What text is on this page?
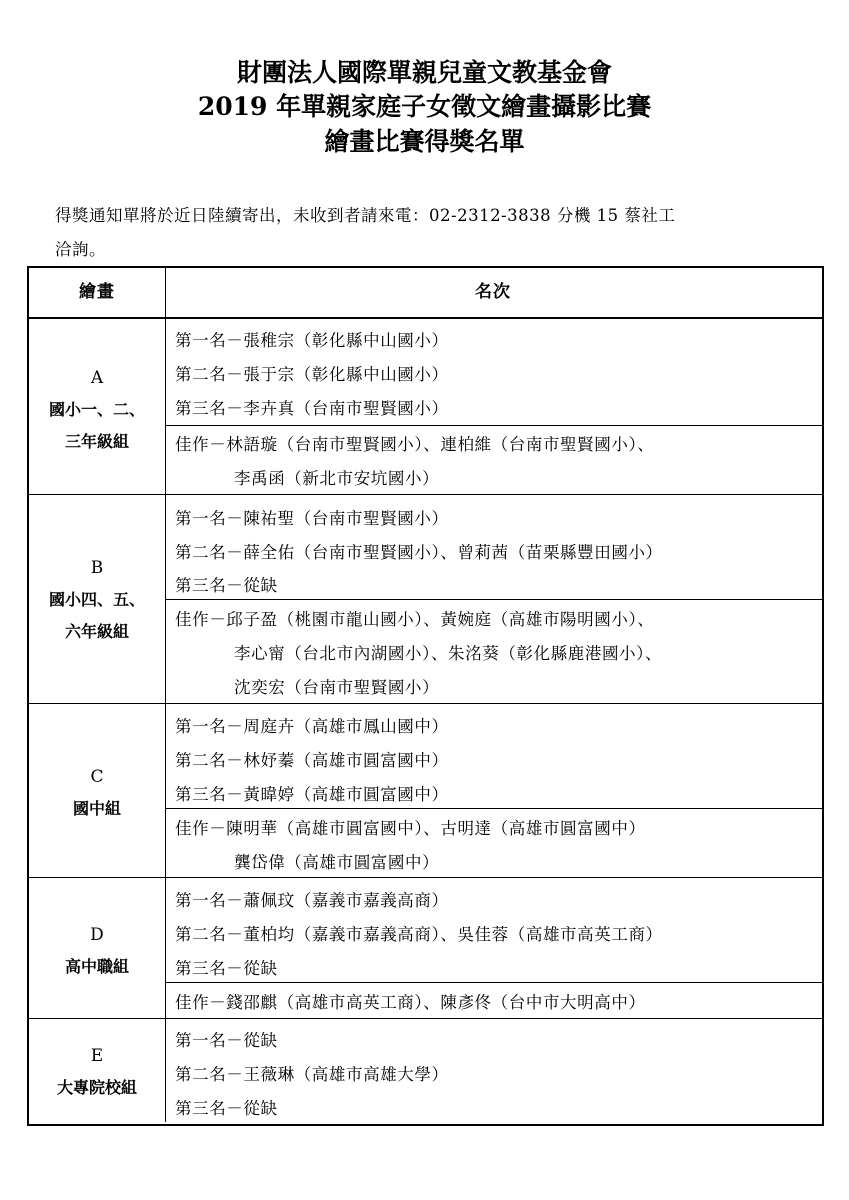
財團法人國際單親兒童文教基金會
2019 年單親家庭子女徵文繪畫攝影比賽
繪畫比賽得獎名單
得獎通知單將於近日陸續寄出，未收到者請來電：02-2312-3838 分機 15 蔡社工
洽詢。
繪畫	名次
A
國小一、二、
三年級組
第一名－張稚宗（彰化縣中山國小）
第二名－張于宗（彰化縣中山國小）
第三名－李卉真（台南市聖賢國小）
佳作－林語璇（台南市聖賢國小）、連柏維（台南市聖賢國小）、
李禹函（新北市安坑國小）
B
國小四、五、
六年級組
第一名－陳祐聖（台南市聖賢國小）
第二名－薛全佑（台南市聖賢國小）、曾莉茜（苗栗縣豐田國小）
第三名－從缺
佳作－邱子盈（桃園市龍山國小）、黃婉庭（高雄市陽明國小）、
李心甯（台北市內湖國小）、朱洺葵（彰化縣鹿港國小）、
沈奕宏（台南市聖賢國小）
C
國中組
第一名－周庭卉（高雄市鳳山國中）
第二名－林妤蓁（高雄市圓富國中）
第三名－黃暐婷（高雄市圓富國中）
佳作－陳明華（高雄市圓富國中）、古明達（高雄市圓富國中）
龔岱偉（高雄市圓富國中）
D
高中職組
第一名－蕭佩玟（嘉義市嘉義高商）
第二名－董柏均（嘉義市嘉義高商）、吳佳蓉（高雄市高英工商）
第三名－從缺
佳作－錢邵麒（高雄市高英工商）、陳彥佟（台中市大明高中）
E
大專院校組
第一名－從缺
第二名－王薇琳（高雄市高雄大學）
第三名－從缺
